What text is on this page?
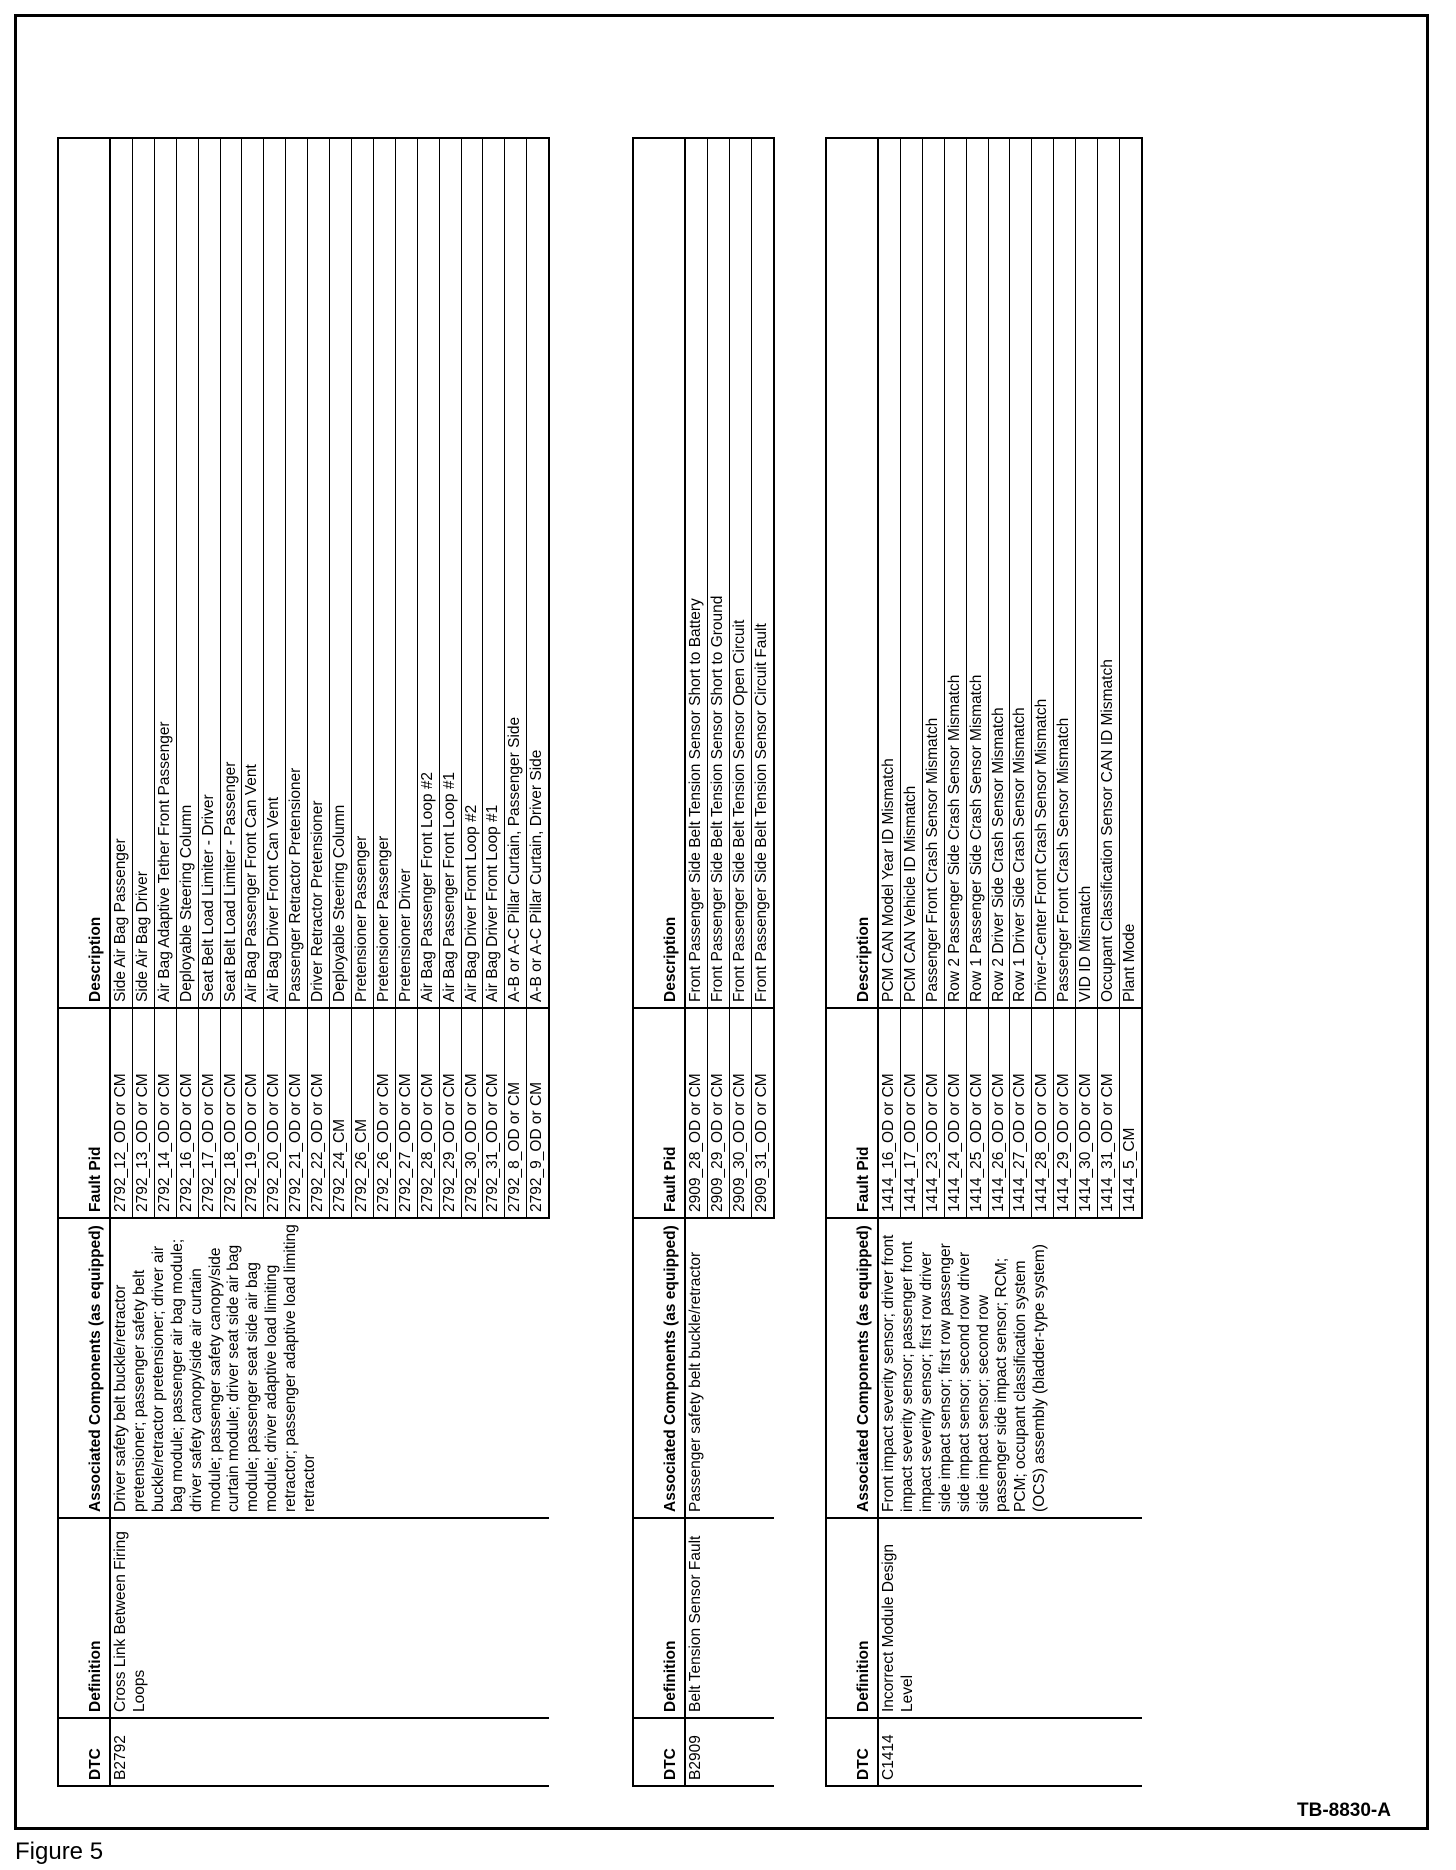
DTC	Definition	Associated Components (as equipped)	Fault Pid	Description
B2792	Cross Link Between Firing Loops	Driver safety belt buckle/retractor pretensioner; passenger safety belt buckle/retractor pretensioner; driver air bag module; passenger air bag module; driver safety canopy/side air curtain module; passenger safety canopy/side curtain module; driver seat side air bag module; passenger seat side air bag module; driver adaptive load limiting retractor; passenger adaptive load limiting retractor	2792_12_OD or CM	Side Air Bag Passenger
			2792_13_OD or CM	Side Air Bag Driver
			2792_14_OD or CM	Air Bag Adaptive Tether Front Passenger
			2792_16_OD or CM	Deployable Steering Column
			2792_17_OD or CM	Seat Belt Load Limiter - Driver
			2792_18_OD or CM	Seat Belt Load Limiter - Passenger
			2792_19_OD or CM	Air Bag Passenger Front Can Vent
			2792_20_OD or CM	Air Bag Driver Front Can Vent
			2792_21_OD or CM	Passenger Retractor Pretensioner
			2792_22_OD or CM	Driver Retractor Pretensioner
			2792_24_CM	Deployable Steering Column
			2792_26_CM	Pretensioner Passenger
			2792_26_OD or CM	Pretensioner Passenger
			2792_27_OD or CM	Pretensioner Driver
			2792_28_OD or CM	Air Bag Passenger Front Loop #2
			2792_29_OD or CM	Air Bag Passenger Front Loop #1
			2792_30_OD or CM	Air Bag Driver Front Loop #2
			2792_31_OD or CM	Air Bag Driver Front Loop #1
			2792_8_OD or CM	A-B or A-C Pillar Curtain, Passenger Side
			2792_9_OD or CM	A-B or A-C Pillar Curtain, Driver Side
DTC	Definition	Associated Components (as equipped)	Fault Pid	Description
B2909	Belt Tension Sensor Fault	Passenger safety belt buckle/retractor	2909_28_OD or CM	Front Passenger Side Belt Tension Sensor Short to Battery
			2909_29_OD or CM	Front Passenger Side Belt Tension Sensor Short to Ground
			2909_30_OD or CM	Front Passenger Side Belt Tension Sensor Open Circuit
			2909_31_OD or CM	Front Passenger Side Belt Tension Sensor Circuit Fault
DTC	Definition	Associated Components (as equipped)	Fault Pid	Description
C1414	Incorrect Module Design Level	Front impact severity sensor; driver front impact severity sensor; passenger front impact severity sensor; first row driver side impact sensor; first row passenger side impact sensor; second row driver side impact sensor; second row passenger side impact sensor; RCM; PCM; occupant classification system (OCS) assembly (bladder-type system)	1414_16_OD or CM	PCM CAN Model Year ID Mismatch
			1414_17_OD or CM	PCM CAN Vehicle ID Mismatch
			1414_23_OD or CM	Passenger Front Crash Sensor Mismatch
			1414_24_OD or CM	Row 2 Passenger Side Crash Sensor Mismatch
			1414_25_OD or CM	Row 1 Passenger Side Crash Sensor Mismatch
			1414_26_OD or CM	Row 2 Driver Side Crash Sensor Mismatch
			1414_27_OD or CM	Row 1 Driver Side Crash Sensor Mismatch
			1414_28_OD or CM	Driver-Center Front Crash Sensor Mismatch
			1414_29_OD or CM	Passenger Front Crash Sensor Mismatch
			1414_30_OD or CM	VID ID Mismatch
			1414_31_OD or CM	Occupant Classification Sensor CAN ID Mismatch
			1414_5_CM	Plant Mode
TB-8830-A
Figure 5
